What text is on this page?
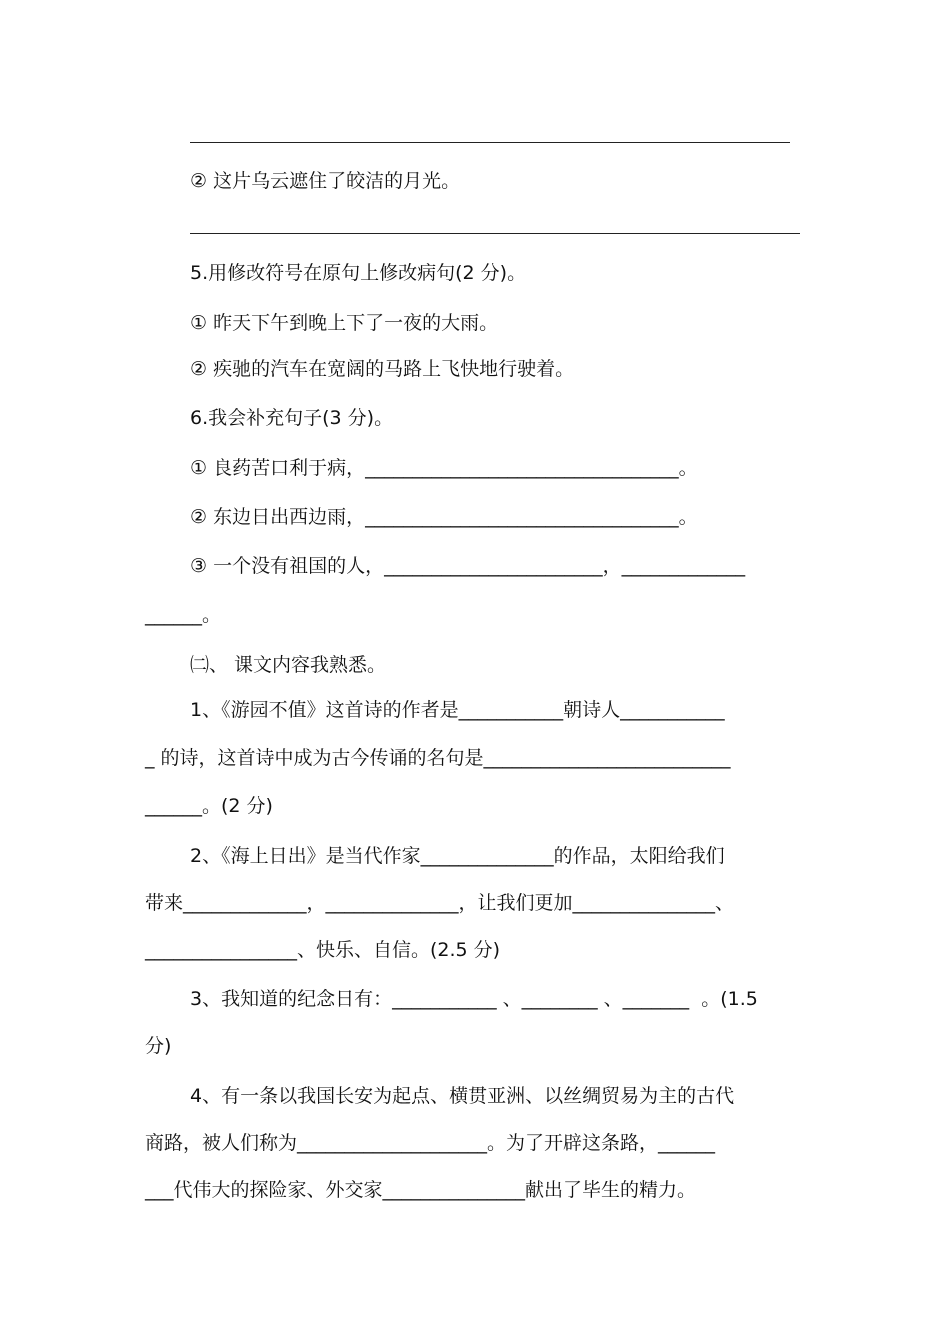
② 这片乌云遮住了皎洁的月光。
5.用修改符号在原句上修改病句(2 分)。
① 昨天下午到晚上下了一夜的大雨。
② 疾驰的汽车在宽阔的马路上飞快地行驶着。
6.我会补充句子(3 分)。
① 良药苦口利于病，_________________________________。
② 东边日出西边雨，_________________________________。
③ 一个没有祖国的人，_______________________，_____________
______。
㈡、 课文内容我熟悉。
1、《游园不值》这首诗的作者是___________朝诗人___________
_ 的诗，这首诗中成为古今传诵的名句是__________________________
______。(2 分)
2、《海上日出》是当代作家______________的作品，太阳给我们
带来_____________，______________，让我们更加_______________、
________________、快乐、自信。(2.5 分)
3、我知道的纪念日有：___________ 、________ 、_______  。(1.5
分)
4、有一条以我国长安为起点、横贯亚洲、以丝绸贸易为主的古代
商路，被人们称为____________________。为了开辟这条路，______
___代伟大的探险家、外交家_______________献出了毕生的精力。
